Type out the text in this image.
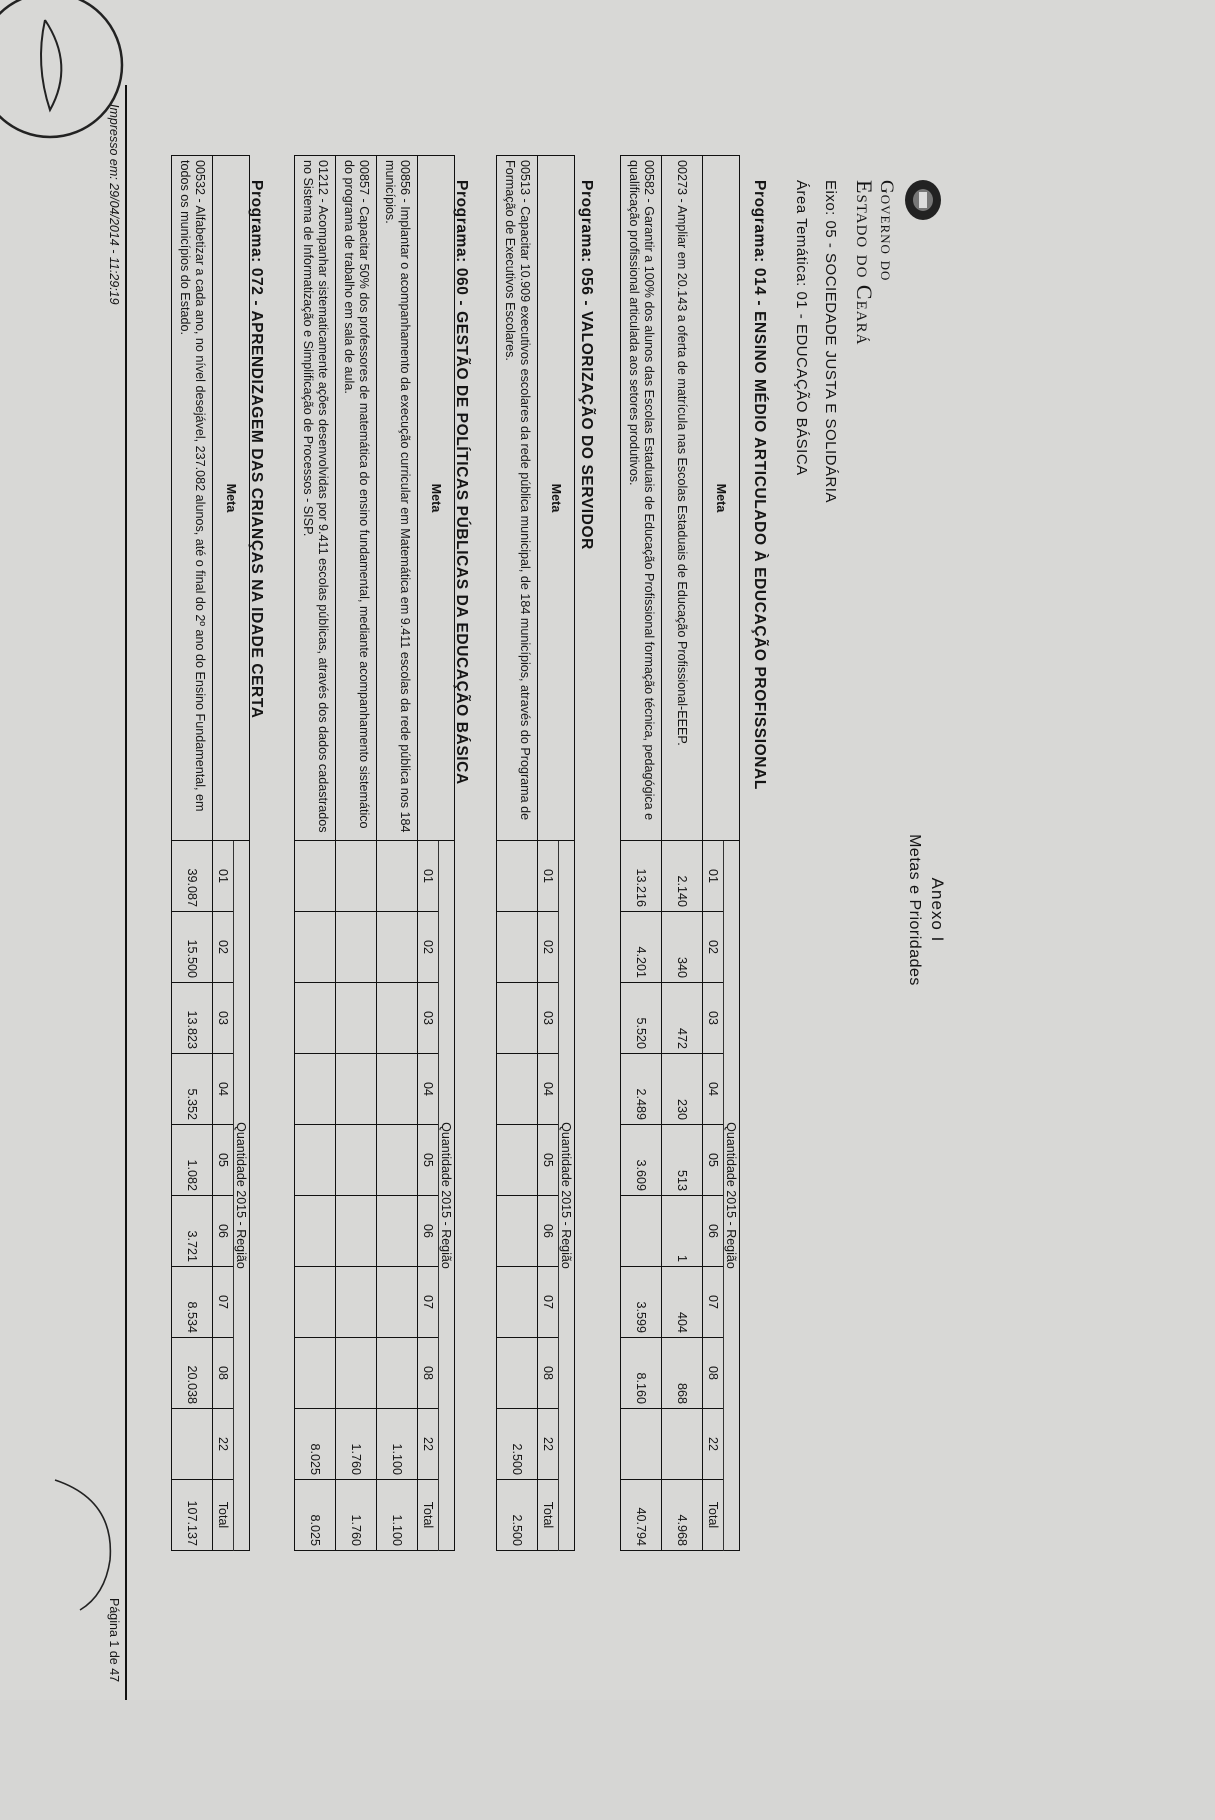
Governo do
Estado do Ceará
Anexo I
Metas e Prioridades
Eixo: 05 - SOCIEDADE JUSTA E SOLIDÁRIA
Área Temática: 01 - EDUCAÇÃO BÁSICA
Programa: 014 - ENSINO MÉDIO ARTICULADO À EDUCAÇÃO PROFISSIONAL
Meta	Quantidade 2015 - Região									
	01	02	03	04	05	06	07	08	22	Total
00273 - Ampliar em 20.143 a oferta de matrícula nas Escolas Estaduais de Educação Profissional-EEEP.	2.140	340	472	230	513	1	404	868		4.968
00582 - Garantir a 100% dos alunos das Escolas Estaduais de Educação Profissional formação técnica, pedagógica e qualificação profissional articulada aos setores produtivos.	13.216	4.201	5.520	2.489	3.609		3.599	8.160		40.794
Programa: 056 - VALORIZAÇÃO DO SERVIDOR
Meta	Quantidade 2015 - Região									
	01	02	03	04	05	06	07	08	22	Total
00513 - Capacitar 10.909 executivos escolares da rede pública municipal, de 184 municípios, através do Programa de Formação de Executivos Escolares.									2.500	2.500
Programa: 060 - GESTÃO DE POLÍTICAS PÚBLICAS DA EDUCAÇÃO BÁSICA
Meta	Quantidade 2015 - Região									
	01	02	03	04	05	06	07	08	22	Total
00856 - Implantar o acompanhamento da execução curricular em Matemática em 9.411 escolas da rede pública nos 184 municípios.									1.100	1.100
00857 - Capacitar 50% dos professores de matemática do ensino fundamental, mediante acompanhamento sistemático do programa de trabalho em sala de aula.									1.760	1.760
01212 - Acompanhar sistematicamente ações desenvolvidas por 9.411 escolas públicas, através dos dados cadastrados no Sistema de Informatização e Simplificação de Processos - SISP.									8.025	8.025
Programa: 072 - APRENDIZAGEM DAS CRIANÇAS NA IDADE CERTA
Meta	Quantidade 2015 - Região									
	01	02	03	04	05	06	07	08	22	Total
00532 - Alfabetizar a cada ano, no nível desejável, 237.082 alunos, até o final do 2º ano do Ensino Fundamental, em todos os municípios do Estado.	39.087	15.500	13.823	5.352	1.082	3.721	8.534	20.038		107.137
Impresso em: 29/04/2014 - 11:29:19
Página 1 de 47
